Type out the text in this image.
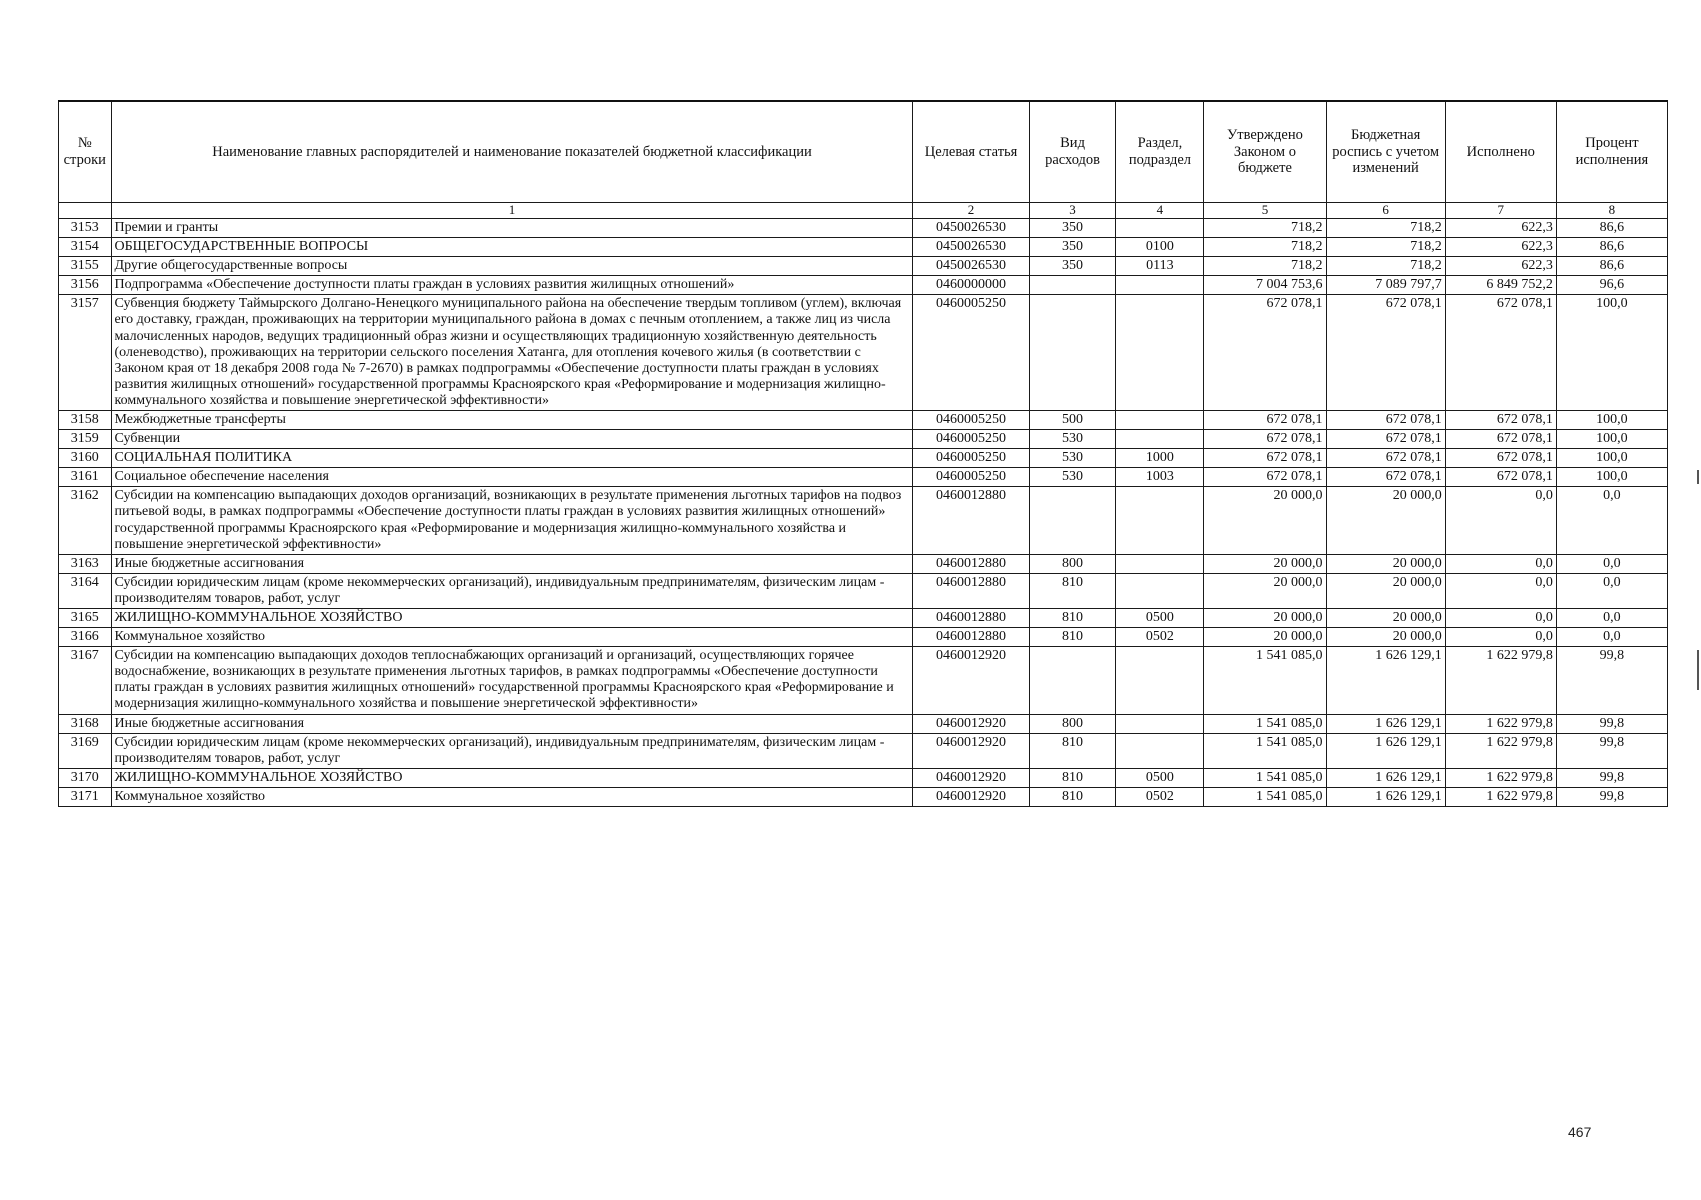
№ строки	Наименование главных распорядителей и наименование показателей бюджетной классификации	Целевая статья	Вид расходов	Раздел, подраздел	Утверждено Законом о бюджете	Бюджетная роспись с учетом изменений	Исполнено	Процент исполнения
	1	2	3	4	5	6	7	8
3153	Премии и гранты	0450026530	350		718,2	718,2	622,3	86,6
3154	ОБЩЕГОСУДАРСТВЕННЫЕ ВОПРОСЫ	0450026530	350	0100	718,2	718,2	622,3	86,6
3155	Другие общегосударственные вопросы	0450026530	350	0113	718,2	718,2	622,3	86,6
3156	Подпрограмма «Обеспечение доступности платы граждан в условиях развития жилищных отношений»	0460000000			7 004 753,6	7 089 797,7	6 849 752,2	96,6
3157	Субвенция бюджету Таймырского Долгано-Ненецкого муниципального района на обеспечение твердым топливом (углем), включая его доставку, граждан, проживающих на территории муниципального района в домах с печным отоплением, а также лиц из числа малочисленных народов, ведущих традиционный образ жизни и осуществляющих традиционную хозяйственную деятельность (оленеводство), проживающих на территории сельского поселения Хатанга, для отопления кочевого жилья (в соответствии с Законом края от 18 декабря 2008 года № 7-2670) в рамках подпрограммы «Обеспечение доступности платы граждан в условиях развития жилищных отношений» государственной программы Красноярского края «Реформирование и модернизация жилищно-коммунального хозяйства и повышение энергетической эффективности»	0460005250			672 078,1	672 078,1	672 078,1	100,0
3158	Межбюджетные трансферты	0460005250	500		672 078,1	672 078,1	672 078,1	100,0
3159	Субвенции	0460005250	530		672 078,1	672 078,1	672 078,1	100,0
3160	СОЦИАЛЬНАЯ ПОЛИТИКА	0460005250	530	1000	672 078,1	672 078,1	672 078,1	100,0
3161	Социальное обеспечение населения	0460005250	530	1003	672 078,1	672 078,1	672 078,1	100,0
3162	Субсидии на компенсацию выпадающих доходов организаций, возникающих в результате применения льготных тарифов на подвоз питьевой воды, в рамках подпрограммы «Обеспечение доступности платы граждан в условиях развития жилищных отношений» государственной программы Красноярского края «Реформирование и модернизация жилищно-коммунального хозяйства и повышение энергетической эффективности»	0460012880			20 000,0	20 000,0	0,0	0,0
3163	Иные бюджетные ассигнования	0460012880	800		20 000,0	20 000,0	0,0	0,0
3164	Субсидии юридическим лицам (кроме некоммерческих организаций), индивидуальным предпринимателям, физическим лицам - производителям товаров, работ, услуг	0460012880	810		20 000,0	20 000,0	0,0	0,0
3165	ЖИЛИЩНО-КОММУНАЛЬНОЕ ХОЗЯЙСТВО	0460012880	810	0500	20 000,0	20 000,0	0,0	0,0
3166	Коммунальное хозяйство	0460012880	810	0502	20 000,0	20 000,0	0,0	0,0
3167	Субсидии на компенсацию выпадающих доходов теплоснабжающих организаций и организаций, осуществляющих горячее водоснабжение, возникающих в результате применения льготных тарифов, в рамках подпрограммы «Обеспечение доступности платы граждан в условиях развития жилищных отношений» государственной программы Красноярского края «Реформирование и модернизация жилищно-коммунального хозяйства и повышение энергетической эффективности»	0460012920			1 541 085,0	1 626 129,1	1 622 979,8	99,8
3168	Иные бюджетные ассигнования	0460012920	800		1 541 085,0	1 626 129,1	1 622 979,8	99,8
3169	Субсидии юридическим лицам (кроме некоммерческих организаций), индивидуальным предпринимателям, физическим лицам - производителям товаров, работ, услуг	0460012920	810		1 541 085,0	1 626 129,1	1 622 979,8	99,8
3170	ЖИЛИЩНО-КОММУНАЛЬНОЕ ХОЗЯЙСТВО	0460012920	810	0500	1 541 085,0	1 626 129,1	1 622 979,8	99,8
3171	Коммунальное хозяйство	0460012920	810	0502	1 541 085,0	1 626 129,1	1 622 979,8	99,8
467
